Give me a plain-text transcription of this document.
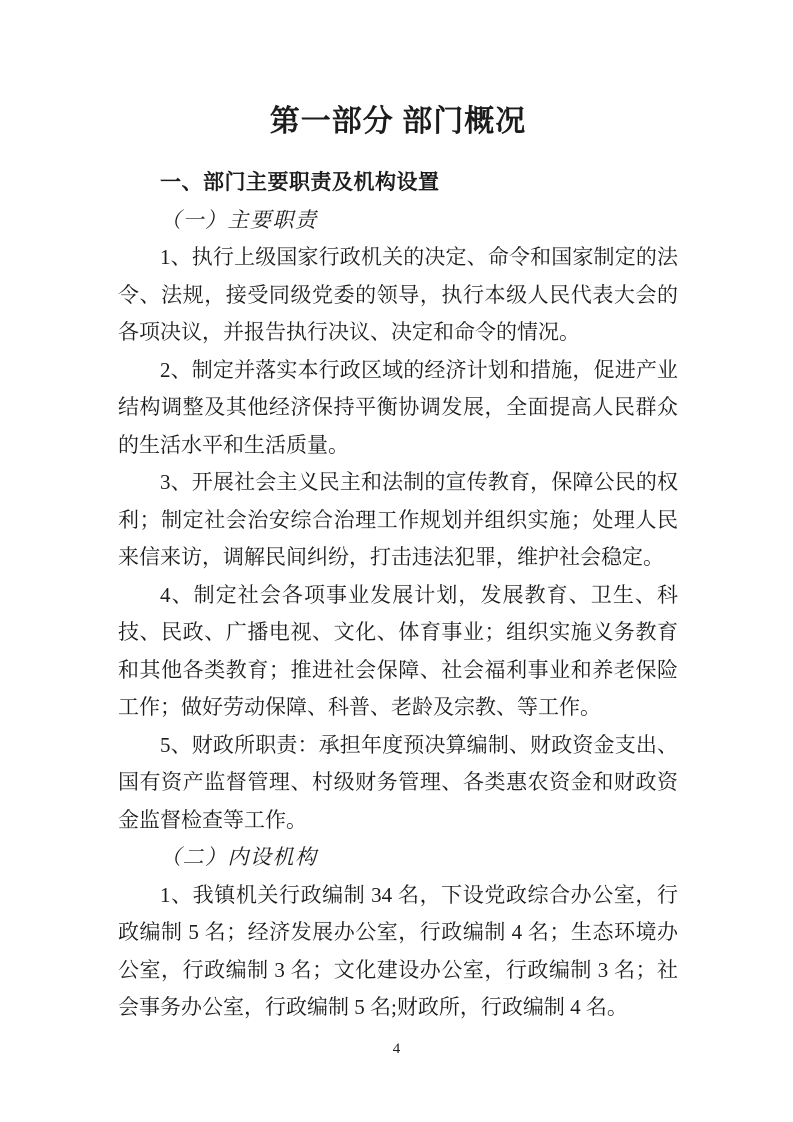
第一部分 部门概况
一、部门主要职责及机构设置
（一）主要职责

1、执行上级国家行政机关的决定、命令和国家制定的法令、法规，接受同级党委的领导，执行本级人民代表大会的各项决议，并报告执行决议、决定和命令的情况。

2、制定并落实本行政区域的经济计划和措施，促进产业结构调整及其他经济保持平衡协调发展，全面提高人民群众的生活水平和生活质量。

3、开展社会主义民主和法制的宣传教育，保障公民的权利；制定社会治安综合治理工作规划并组织实施；处理人民来信来访，调解民间纠纷，打击违法犯罪，维护社会稳定。

4、制定社会各项事业发展计划，发展教育、卫生、科技、民政、广播电视、文化、体育事业；组织实施义务教育和其他各类教育；推进社会保障、社会福利事业和养老保险工作；做好劳动保障、科普、老龄及宗教、等工作。

5、财政所职责：承担年度预决算编制、财政资金支出、国有资产监督管理、村级财务管理、各类惠农资金和财政资金监督检查等工作。

（二）内设机构

1、我镇机关行政编制 34 名，下设党政综合办公室，行政编制 5 名；经济发展办公室，行政编制 4 名；生态环境办公室，行政编制 3 名；文化建设办公室，行政编制 3 名；社会事务办公室，行政编制 5 名;财政所，行政编制 4 名。

4
